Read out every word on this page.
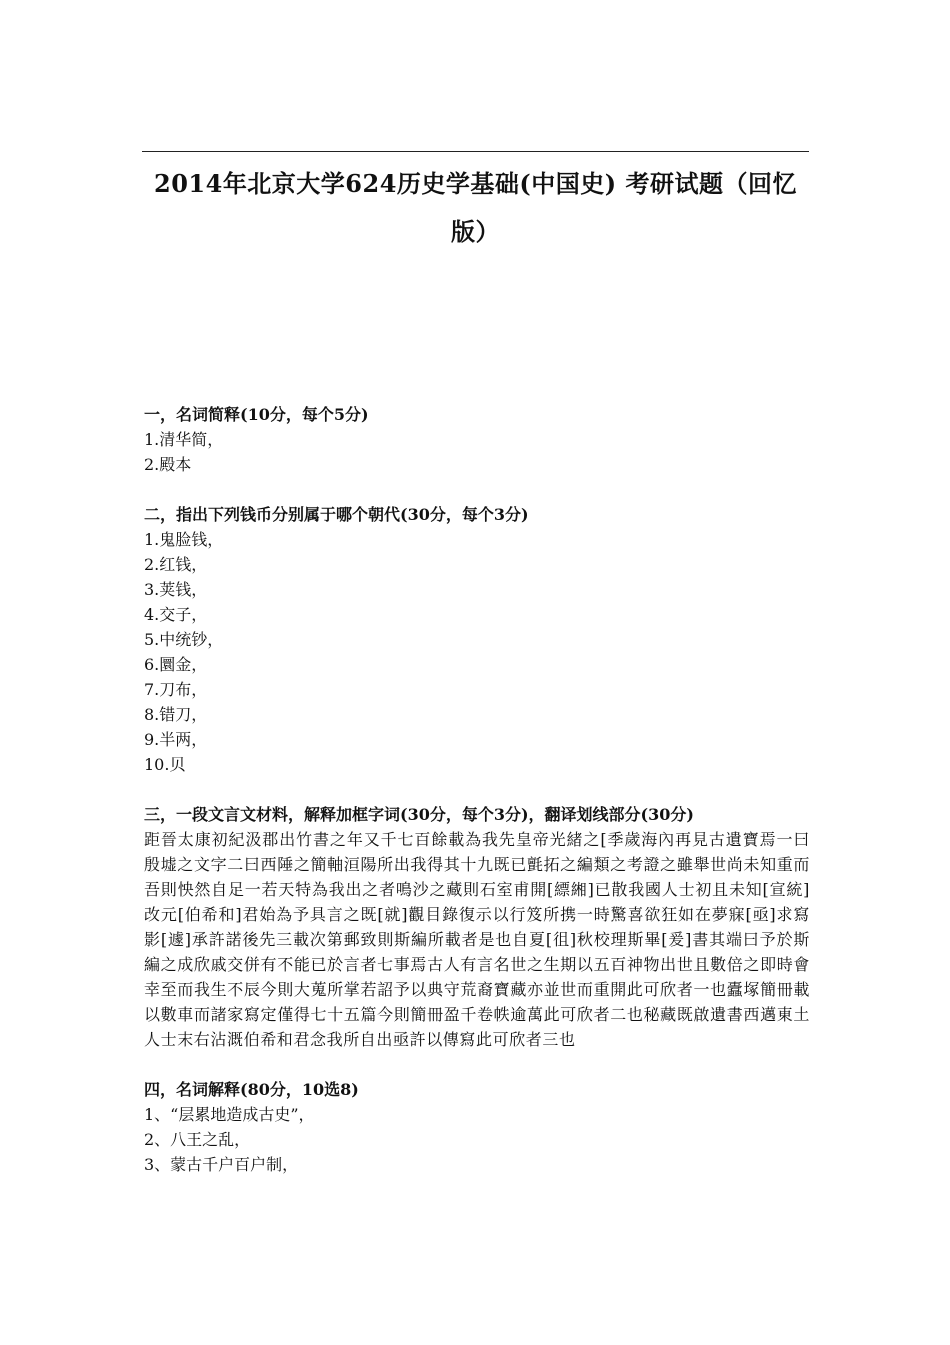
2014年北京大学624历史学基础(中国史) 考研试题（回忆版）
一，名词简释(10分，每个5分)
1.清华简，
2.殿本
二，指出下列钱币分别属于哪个朝代(30分，每个3分)
1.鬼脸钱，
2.红钱，
3.荚钱，
4.交子，
5.中统钞，
6.圜金，
7.刀布，
8.错刀，
9.半两，
10.贝
三，一段文言文材料，解释加框字词(30分，每个3分)，翻译划线部分(30分)
距晉太康初紀汲郡出竹書之年又千七百餘載為我先皇帝光緒之[季歲海內再見古遺寶焉一曰殷墟之文字二曰西陲之簡軸洹陽所出我得其十九既已氈拓之編類之考證之雖舉世尚未知重而吾則怏然自足一若天特為我出之者鳴沙之藏則石室甫開[縹緗]已散我國人士初且未知[宣統]改元[伯希和]君始為予具言之既[就]觀目錄復示以行笈所携一時驚喜欲狂如在夢寐[亟]求寫影[遽]承許諾後先三載次第郵致則斯編所載者是也自夏[徂]秋校理斯畢[爰]書其端曰予於斯編之成欣戚交併有不能已於言者七事焉古人有言名世之生期以五百神物出世且數倍之即時會幸至而我生不辰今則大蒐所掌若詔予以典守荒裔寶藏亦並世而重開此可欣者一也蠹塚簡冊載以數車而諸家寫定僅得七十五篇今則簡冊盈千卷帙逾萬此可欣者二也秘藏既啟遺書西邁東土人士末右沾溉伯希和君念我所自出亟許以傳寫此可欣者三也
四，名词解释(80分，10选8)
1、“层累地造成古史”，
2、八王之乱，
3、蒙古千户百户制，
